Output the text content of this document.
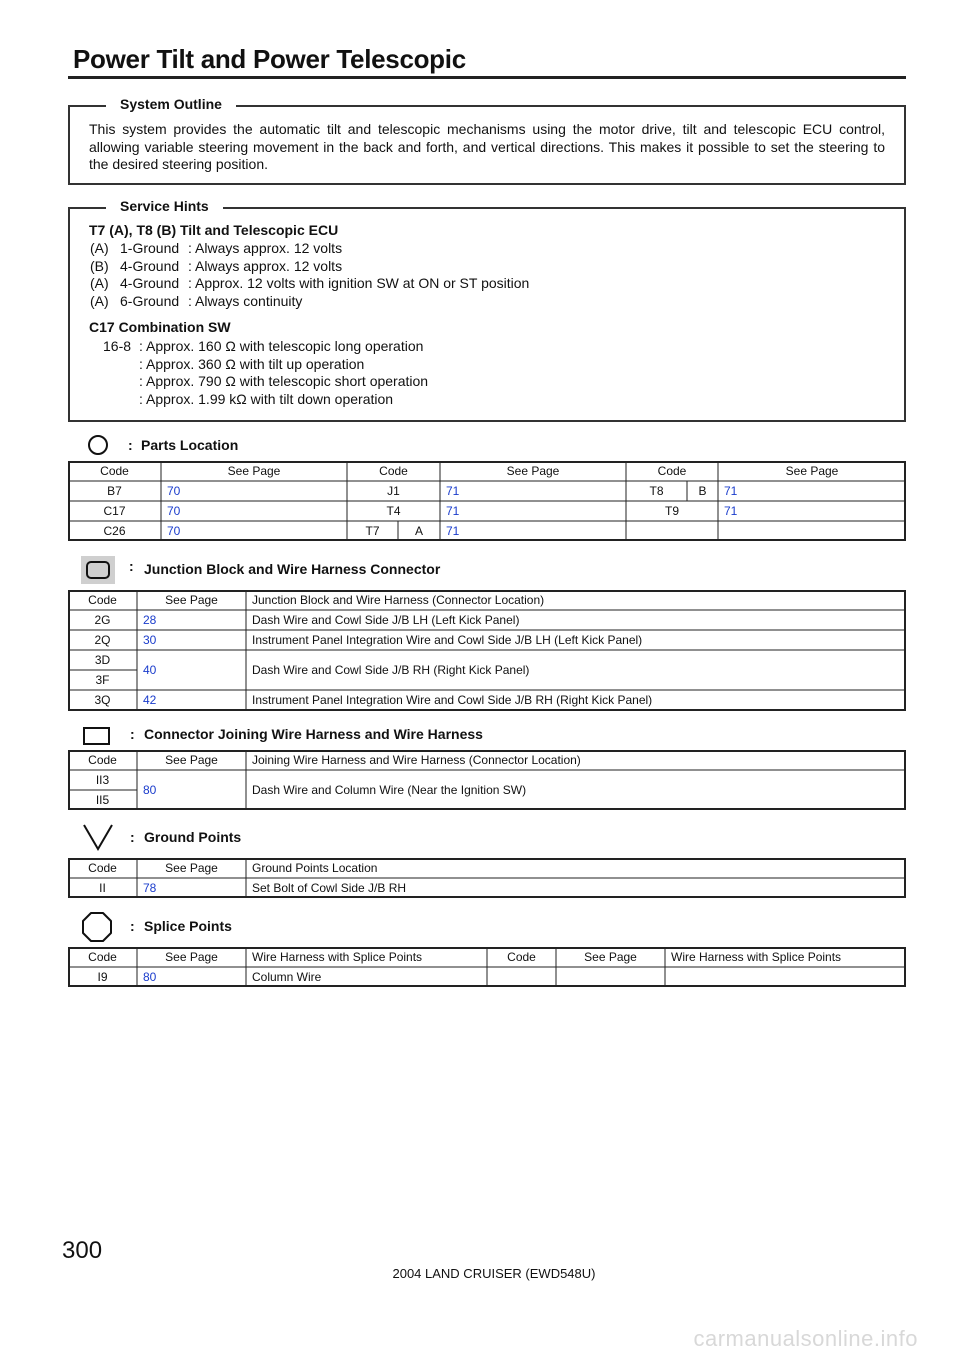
Power Tilt and Power Telescopic
System Outline
This system provides the automatic tilt and telescopic mechanisms using the motor drive, tilt and telescopic ECU control, allowing variable steering movement in the back and forth, and vertical directions. This makes it possible to set the steering to the desired steering position.
Service Hints
T7 (A), T8 (B) Tilt and Telescopic ECU
(A) 1-Ground : Always approx. 12 volts
(B) 4-Ground : Always approx. 12 volts
(A) 4-Ground : Approx. 12 volts with ignition SW at ON or ST position
(A) 6-Ground : Always continuity
C17 Combination SW
16-8 : Approx. 160 Ω with telescopic long operation
: Approx. 360 Ω with tilt up operation
: Approx. 790 Ω with telescopic short operation
: Approx. 1.99 kΩ with tilt down operation
: Parts Location
Code	See Page	Code	See Page	Code	See Page
B7	70	J1	71	T8	B	71
C17	70	T4	71	T9	71
C26	70	T7	A	71
: Junction Block and Wire Harness Connector
Code	See Page	Junction Block and Wire Harness (Connector Location)
2G	28	Dash Wire and Cowl Side J/B LH (Left Kick Panel)
2Q	30	Instrument Panel Integration Wire and Cowl Side J/B LH (Left Kick Panel)
3D
3F
40	Dash Wire and Cowl Side J/B RH (Right Kick Panel)
3Q	42	Instrument Panel Integration Wire and Cowl Side J/B RH (Right Kick Panel)
: Connector Joining Wire Harness and Wire Harness
Code	See Page	Joining Wire Harness and Wire Harness (Connector Location)
II3
II5
80	Dash Wire and Column Wire (Near the Ignition SW)
: Ground Points
Code	See Page	Ground Points Location
II	78	Set Bolt of Cowl Side J/B RH
: Splice Points
Code	See Page	Wire Harness with Splice Points	Code	See Page	Wire Harness with Splice Points
I9	80	Column Wire
300
2004 LAND CRUISER (EWD548U)
carmanualsonline.info
